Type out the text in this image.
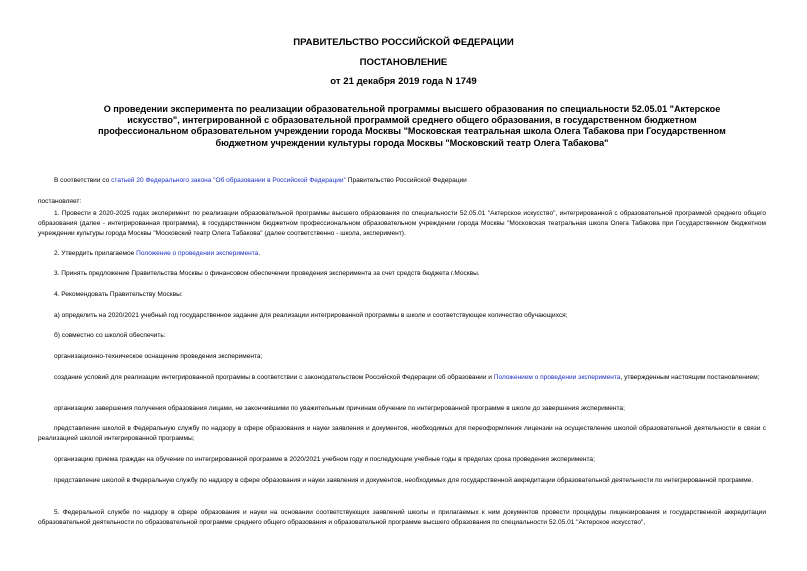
ПРАВИТЕЛЬСТВО РОССИЙСКОЙ ФЕДЕРАЦИИ
ПОСТАНОВЛЕНИЕ
от 21 декабря 2019 года N 1749
О проведении эксперимента по реализации образовательной программы высшего образования по специальности 52.05.01 "Актерское искусство", интегрированной с образовательной программой среднего общего образования, в государственном бюджетном профессиональном образовательном учреждении города Москвы "Московская театральная школа Олега Табакова при Государственном бюджетном учреждении культуры города Москвы "Московский театр Олега Табакова"
В соответствии со статьей 20 Федерального закона "Об образовании в Российской Федерации" Правительство Российской Федерации
постановляет:
1. Провести в 2020-2025 годах эксперимент по реализации образовательной программы высшего образования по специальности 52.05.01 "Актерское искусство", интегрированной с образовательной программой среднего общего образования (далее - интегрированная программа), в государственном бюджетном профессиональном образовательном учреждении города Москвы "Московская театральная школа Олега Табакова при Государственном бюджетном учреждении культуры города Москвы "Московский театр Олега Табакова" (далее соответственно - школа, эксперимент).
2. Утвердить прилагаемое Положение о проведении эксперимента.
3. Принять предложение Правительства Москвы о финансовом обеспечении проведения эксперимента за счет средств бюджета г.Москвы.
4. Рекомендовать Правительству Москвы:
а) определить на 2020/2021 учебный год государственное задание для реализации интегрированной программы в школе и соответствующее количество обучающихся;
б) совместно со школой обеспечить:
организационно-техническое оснащение проведения эксперимента;
создание условий для реализации интегрированной программы в соответствии с законодательством Российской Федерации об образовании и Положением о проведении эксперимента, утвержденным настоящим постановлением;
организацию завершения получения образования лицами, не закончившими по уважительным причинам обучение по интегрированной программе в школе до завершения эксперимента;
представление школой в Федеральную службу по надзору в сфере образования и науки заявления и документов, необходимых для переоформления лицензии на осуществление школой образовательной деятельности в связи с реализацией школой интегрированной программы;
организацию приема граждан на обучение по интегрированной программе в 2020/2021 учебном году и последующие учебные годы в пределах срока проведения эксперимента;
представление школой в Федеральную службу по надзору в сфере образования и науки заявления и документов, необходимых для государственной аккредитации образовательной деятельности по интегрированной программе.
5. Федеральной службе по надзору в сфере образования и науки на основании соответствующих заявлений школы и прилагаемых к ним документов провести процедуры лицензирования и государственной аккредитации образовательной деятельности по образовательной программе среднего общего образования и образовательной программе высшего образования по специальности 52.05.01 "Актерское искусство",
